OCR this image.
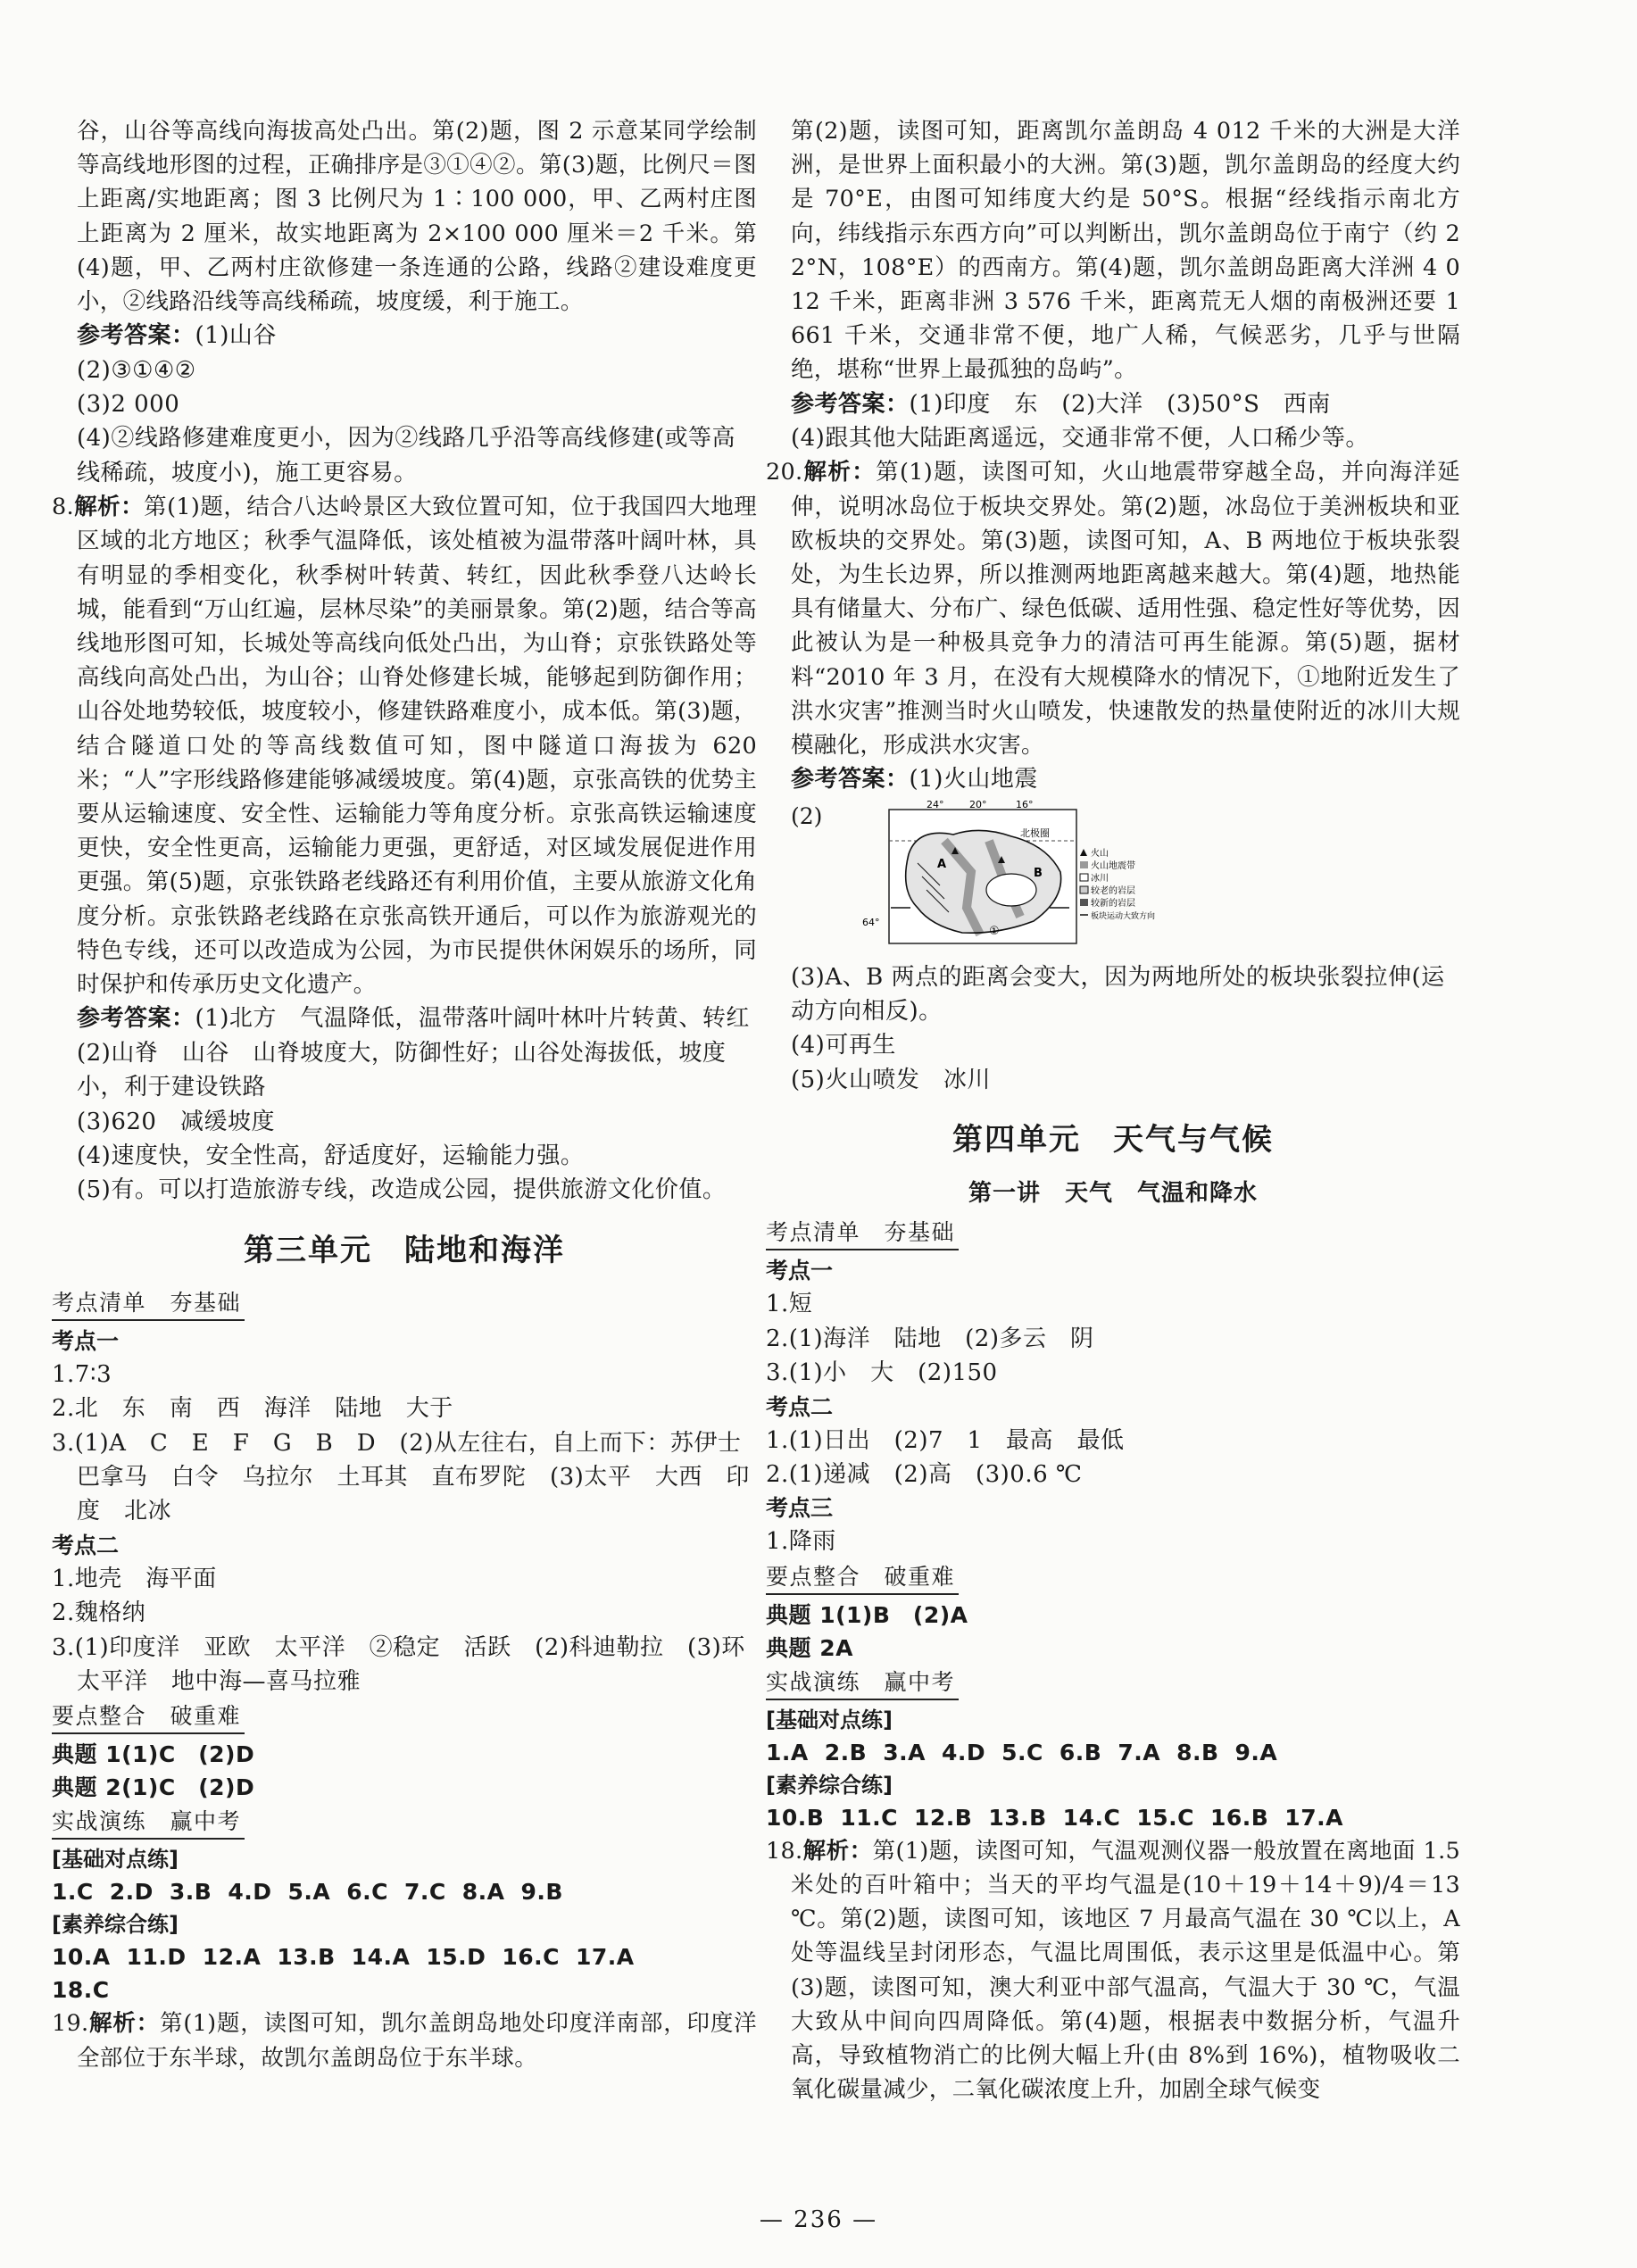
谷，山谷等高线向海拔高处凸出。第(2)题，图 2 示意某同学绘制等高线地形图的过程，正确排序是③①④②。第(3)题，比例尺＝图上距离/实地距离；图 3 比例尺为 1∶100 000，甲、乙两村庄图上距离为 2 厘米，故实地距离为 2×100 000 厘米＝2 千米。第(4)题，甲、乙两村庄欲修建一条连通的公路，线路②建设难度更小，②线路沿线等高线稀疏，坡度缓，利于施工。

参考答案：(1)山谷

(2)③①④②

(3)2 000

(4)②线路修建难度更小，因为②线路几乎沿等高线修建(或等高线稀疏，坡度小)，施工更容易。

8.解析：第(1)题，结合八达岭景区大致位置可知，位于我国四大地理区域的北方地区；秋季气温降低，该处植被为温带落叶阔叶林，具有明显的季相变化，秋季树叶转黄、转红，因此秋季登八达岭长城，能看到“万山红遍，层林尽染”的美丽景象。第(2)题，结合等高线地形图可知，长城处等高线向低处凸出，为山脊；京张铁路处等高线向高处凸出，为山谷；山脊处修建长城，能够起到防御作用；山谷处地势较低，坡度较小，修建铁路难度小，成本低。第(3)题，结合隧道口处的等高线数值可知，图中隧道口海拔为 620 米；“人”字形线路修建能够减缓坡度。第(4)题，京张高铁的优势主要从运输速度、安全性、运输能力等角度分析。京张高铁运输速度更快，安全性更高，运输能力更强，更舒适，对区域发展促进作用更强。第(5)题，京张铁路老线路还有利用价值，主要从旅游文化角度分析。京张铁路老线路在京张高铁开通后，可以作为旅游观光的特色专线，还可以改造成为公园，为市民提供休闲娱乐的场所，同时保护和传承历史文化遗产。

参考答案：(1)北方　气温降低，温带落叶阔叶林叶片转黄、转红

(2)山脊　山谷　山脊坡度大，防御性好；山谷处海拔低，坡度小，利于建设铁路

(3)620　减缓坡度

(4)速度快，安全性高，舒适度好，运输能力强。

(5)有。可以打造旅游专线，改造成公园，提供旅游文化价值。

第三单元　陆地和海洋
考点清单　夯基础

考点一

1.7∶3

2.北　东　南　西　海洋　陆地　大于

3.(1)A　C　E　F　G　B　D　(2)从左往右，自上而下：苏伊士　巴拿马　白令　乌拉尔　土耳其　直布罗陀　(3)太平　大西　印度　北冰

考点二

1.地壳　海平面

2.魏格纳

3.(1)印度洋　亚欧　太平洋　②稳定　活跃　(2)科迪勒拉　(3)环太平洋　地中海—喜马拉雅

要点整合　破重难

典题 1(1)C　(2)D

典题 2(1)C　(2)D

实战演练　赢中考

[基础对点练]

1.C 2.D 3.B 4.D 5.A 6.C 7.C 8.A 9.B

[素养综合练]

10.A 11.D 12.A 13.B 14.A 15.D 16.C 17.A

18.C

19.解析：第(1)题，读图可知，凯尔盖朗岛地处印度洋南部，印度洋全部位于东半球，故凯尔盖朗岛位于东半球。

第(2)题，读图可知，距离凯尔盖朗岛 4 012 千米的大洲是大洋洲，是世界上面积最小的大洲。第(3)题，凯尔盖朗岛的经度大约是 70°E，由图可知纬度大约是 50°S。根据“经线指示南北方向，纬线指示东西方向”可以判断出，凯尔盖朗岛位于南宁（约 22°N，108°E）的西南方。第(4)题，凯尔盖朗岛距离大洋洲 4 012 千米，距离非洲 3 576 千米，距离荒无人烟的南极洲还要 1 661 千米，交通非常不便，地广人稀，气候恶劣，几乎与世隔绝，堪称“世界上最孤独的岛屿”。

参考答案：(1)印度　东　(2)大洋　(3)50°S　西南

(4)跟其他大陆距离遥远，交通非常不便，人口稀少等。

20.解析：第(1)题，读图可知，火山地震带穿越全岛，并向海洋延伸，说明冰岛位于板块交界处。第(2)题，冰岛位于美洲板块和亚欧板块的交界处。第(3)题，读图可知，A、B 两地位于板块张裂处，为生长边界，所以推测两地距离越来越大。第(4)题，地热能具有储量大、分布广、绿色低碳、适用性强、稳定性好等优势，因此被认为是一种极具竞争力的清洁可再生能源。第(5)题，据材料“2010 年 3 月，在没有大规模降水的情况下，①地附近发生了洪水灾害”推测当时火山喷发，快速散发的热量使附近的冰川大规模融化，形成洪水灾害。

参考答案：(1)火山地震

(2)	24°	20°	16°
64°
北极圈
A
B
①
火山
火山地震带
冰川
较老的岩层
较新的岩层
板块运动大致方向

(3)A、B 两点的距离会变大，因为两地所处的板块张裂拉伸(运动方向相反)。

(4)可再生

(5)火山喷发　冰川

第四单元　天气与气候
第一讲　天气　气温和降水
考点清单　夯基础

考点一

1.短

2.(1)海洋　陆地　(2)多云　阴

3.(1)小　大　(2)150

考点二

1.(1)日出　(2)7　1　最高　最低

2.(1)递减　(2)高　(3)0.6 ℃

考点三

1.降雨

要点整合　破重难

典题 1(1)B　(2)A

典题 2A

实战演练　赢中考

[基础对点练]

1.A 2.B 3.A 4.D 5.C 6.B 7.A 8.B 9.A

[素养综合练]

10.B 11.C 12.B 13.B 14.C 15.C 16.B 17.A

18.解析：第(1)题，读图可知，气温观测仪器一般放置在离地面 1.5 米处的百叶箱中；当天的平均气温是(10＋19＋14＋9)/4＝13 ℃。第(2)题，读图可知，该地区 7 月最高气温在 30 ℃以上，A 处等温线呈封闭形态，气温比周围低，表示这里是低温中心。第(3)题，读图可知，澳大利亚中部气温高，气温大于 30 ℃，气温大致从中间向四周降低。第(4)题，根据表中数据分析，气温升高，导致植物消亡的比例大幅上升(由 8%到 16%)，植物吸收二氧化碳量减少，二氧化碳浓度上升，加剧全球气候变

— 236 —
